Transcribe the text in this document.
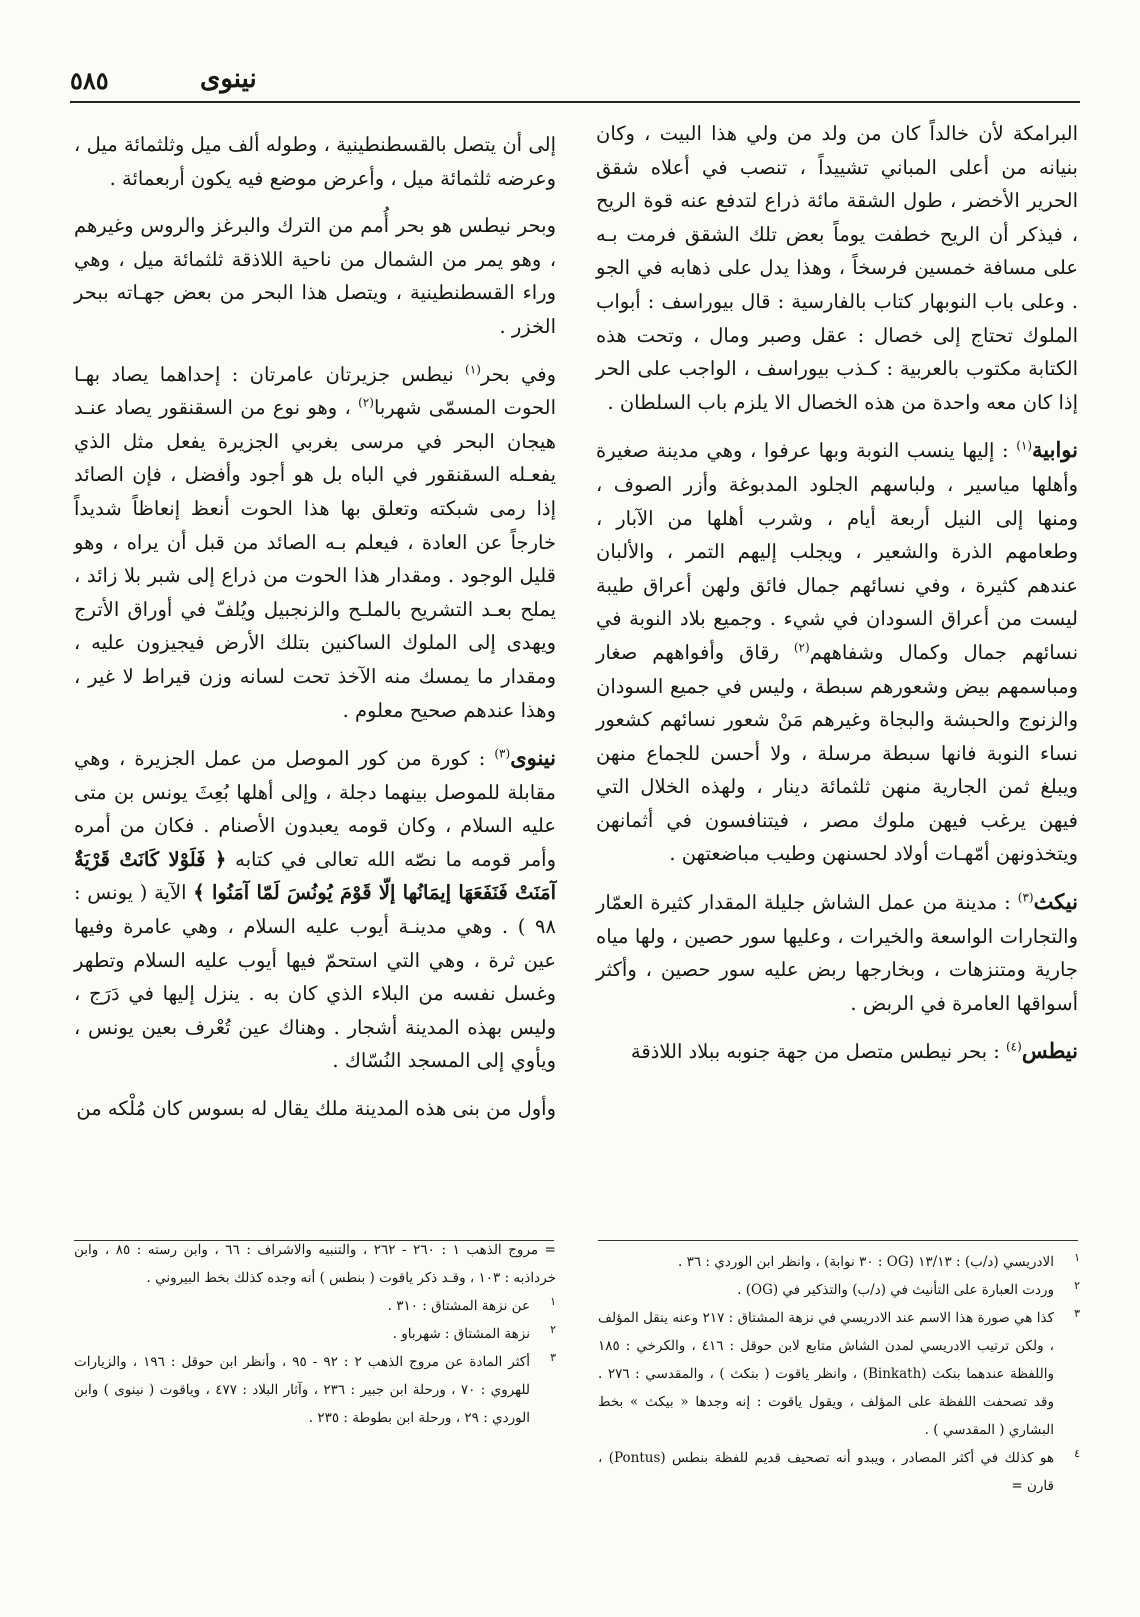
٥٨٥	نينوى

البرامكة لأن خالداً كان من ولد من ولي هذا البيت ، وكان بنيانه من أعلى المباني تشييداً ، تنصب في أعلاه شقق الحرير الأخضر ، طول الشقة مائة ذراع لتدفع عنه قوة الريح ، فيذكر أن الريح خطفت يوماً بعض تلك الشقق فرمت بـه على مسافة خمسين فرسخاً ، وهذا يدل على ذهابه في الجو . وعلى باب النوبهار كتاب بالفارسية : قال بيوراسف : أبواب الملوك تحتاج إلى خصال : عقل وصبر ومال ، وتحت هذه الكتابة مكتوب بالعربية : كـذب بيوراسف ، الواجب على الحر إذا كان معه واحدة من هذه الخصال الا يلزم باب السلطان .

نوابية$^{(١)}$ : إليها ينسب النوبة وبها عرفوا ، وهي مدينة صغيرة وأهلها مياسير ، ولباسهم الجلود المدبوغة وأزر الصوف ، ومنها إلى النيل أربعة أيام ، وشرب أهلها من الآبار ، وطعامهم الذرة والشعير ، ويجلب إليهم التمر ، والألبان عندهم كثيرة ، وفي نسائهم جمال فائق ولهن أعراق طيبة ليست من أعراق السودان في شيء . وجميع بلاد النوبة في نسائهم جمال وكمال وشفاههم$^{(٢)}$ رقاق وأفواههم صغار ومباسمهم بيض وشعورهم سبطة ، وليس في جميع السودان والزنوج والحبشة والبجاة وغيرهم مَنْ شعور نسائهم كشعور نساء النوبة فانها سبطة مرسلة ، ولا أحسن للجماع منهن ويبلغ ثمن الجارية منهن ثلثمائة دينار ، ولهذه الخلال التي فيهن يرغب فيهن ملوك مصر ، فيتنافسون في أثمانهن ويتخذونهن أمّهـات أولاد لحسنهن وطيب مباضعتهن .

نيكث$^{(٣)}$ : مدينة من عمل الشاش جليلة المقدار كثيرة العمّار والتجارات الواسعة والخيرات ، وعليها سور حصين ، ولها مياه جارية ومتنزهات ، وبخارجها ربض عليه سور حصين ، وأكثر أسواقها العامرة في الربض .

نيطس$^{(٤)}$ : بحر نيطس متصل من جهة جنوبه ببلاد اللاذقة

إلى أن يتصل بالقسطنطينية ، وطوله ألف ميل وثلثمائة ميل ، وعرضه ثلثمائة ميل ، وأعرض موضع فيه يكون أربعمائة .

وبحر نيطس هو بحر أُمم من الترك والبرغز والروس وغيرهم ، وهو يمر من الشمال من ناحية اللاذقة ثلثمائة ميل ، وهي وراء القسطنطينية ، ويتصل هذا البحر من بعض جهـاته ببحر الخزر .

وفي بحر$^{(١)}$ نيطس جزيرتان عامرتان : إحداهما يصاد بهـا الحوت المسمّى شهربا$^{(٢)}$ ، وهو نوع من السقنقور يصاد عنـد هيجان البحر في مرسى بغربي الجزيرة يفعل مثل الذي يفعـله السقنقور في الباه بل هو أجود وأفضل ، فإن الصائد إذا رمى شبكته وتعلق بها هذا الحوت أنعظ إنعاظاً شديداً خارجاً عن العادة ، فيعلم بـه الصائد من قبل أن يراه ، وهو قليل الوجود . ومقدار هذا الحوت من ذراع إلى شبر بلا زائد ، يملح بعـد التشريح بالملـح والزنجبيل ويُلفّ في أوراق الأترج ويهدى إلى الملوك الساكنين بتلك الأرض فيجيزون عليه ، ومقدار ما يمسك منه الآخذ تحت لسانه وزن قيراط لا غير ، وهذا عندهم صحيح معلوم .

نينوى$^{(٣)}$ : كورة من كور الموصل من عمل الجزيرة ، وهي مقابلة للموصل بينهما دجلة ، وإلى أهلها بُعِثَ يونس بن متى عليه السلام ، وكان قومه يعبدون الأصنام . فكان من أمره وأمر قومه ما نصّه الله تعالى في كتابه ﴿ فَلَوْلا كَانَتْ قَرْيَةٌ آمَنَتْ فَنَفَعَهَا إيمَانُها إلّا قَوْمَ يُونُسَ لَمّا آمَنُوا ﴾ الآية ( يونس : ٩٨ ) . وهي مدينـة أيوب عليه السلام ، وهي عامرة وفيها عين ثرة ، وهي التي استحمّ فيها أيوب عليه السلام وتطهر وغسل نفسه من البلاء الذي كان به . ينزل إليها في دَرَج ، وليس بهذه المدينة أشجار . وهناك عين تُعْرف بعين يونس ، ويأوي إلى المسجد النُسّاك .

وأول من بنى هذه المدينة ملك يقال له بسوس كان مُلْكه من

١
الادريسي (د/ب) : ١٣/١٣ (OG : ٣٠ نوابة) ، وانظر ابن الوردي : ٣٦ .
٢
وردت العبارة على التأنيث في (د/ب) والتذكير في (OG) .
٣
كذا هي صورة هذا الاسم عند الادريسي في نزهة المشتاق : ٢١٧ وعنه ينقل المؤلف ، ولكن ترتيب الادريسي لمدن الشاش متابع لابن حوقل : ٤١٦ ، والكرخي : ١٨٥ واللفظة عندهما بنكث (Binkath) ، وانظر ياقوت ( بنكث ) ، والمقدسي : ٢٧٦ . وقد تصحفت اللفظة على المؤلف ، ويقول ياقوت : إنه وجدها « بيكث » بخط البشاري ( المقدسي ) .
٤
هو كذلك في أكثر المصادر ، ويبدو أنه تصحيف قديم للفظة بنطس (Pontus) ، قارن =
= مروج الذهب ١ : ٢٦٠ - ٢٦٢ ، والتنبيه والاشراف : ٦٦ ، وابن رسته : ٨٥ ، وابن خرداذبه : ١٠٣ ، وقـد ذكر ياقوت ( بنطس ) أنه وجده كذلك بخط البيروني .
١
عن نزهة المشتاق : ٣١٠ .
٢
نزهة المشتاق : شهرباو .
٣
أكثر المادة عن مروج الذهب ٢ : ٩٢ - ٩٥ ، وأنظر ابن حوقل : ١٩٦ ، والزيارات للهروي : ٧٠ ، ورحلة ابن جبير : ٢٣٦ ، وآثار البلاد : ٤٧٧ ، وياقوت ( نينوى ) وابن الوردي : ٢٩ ، ورحلة ابن بطوطة : ٢٣٥ .
